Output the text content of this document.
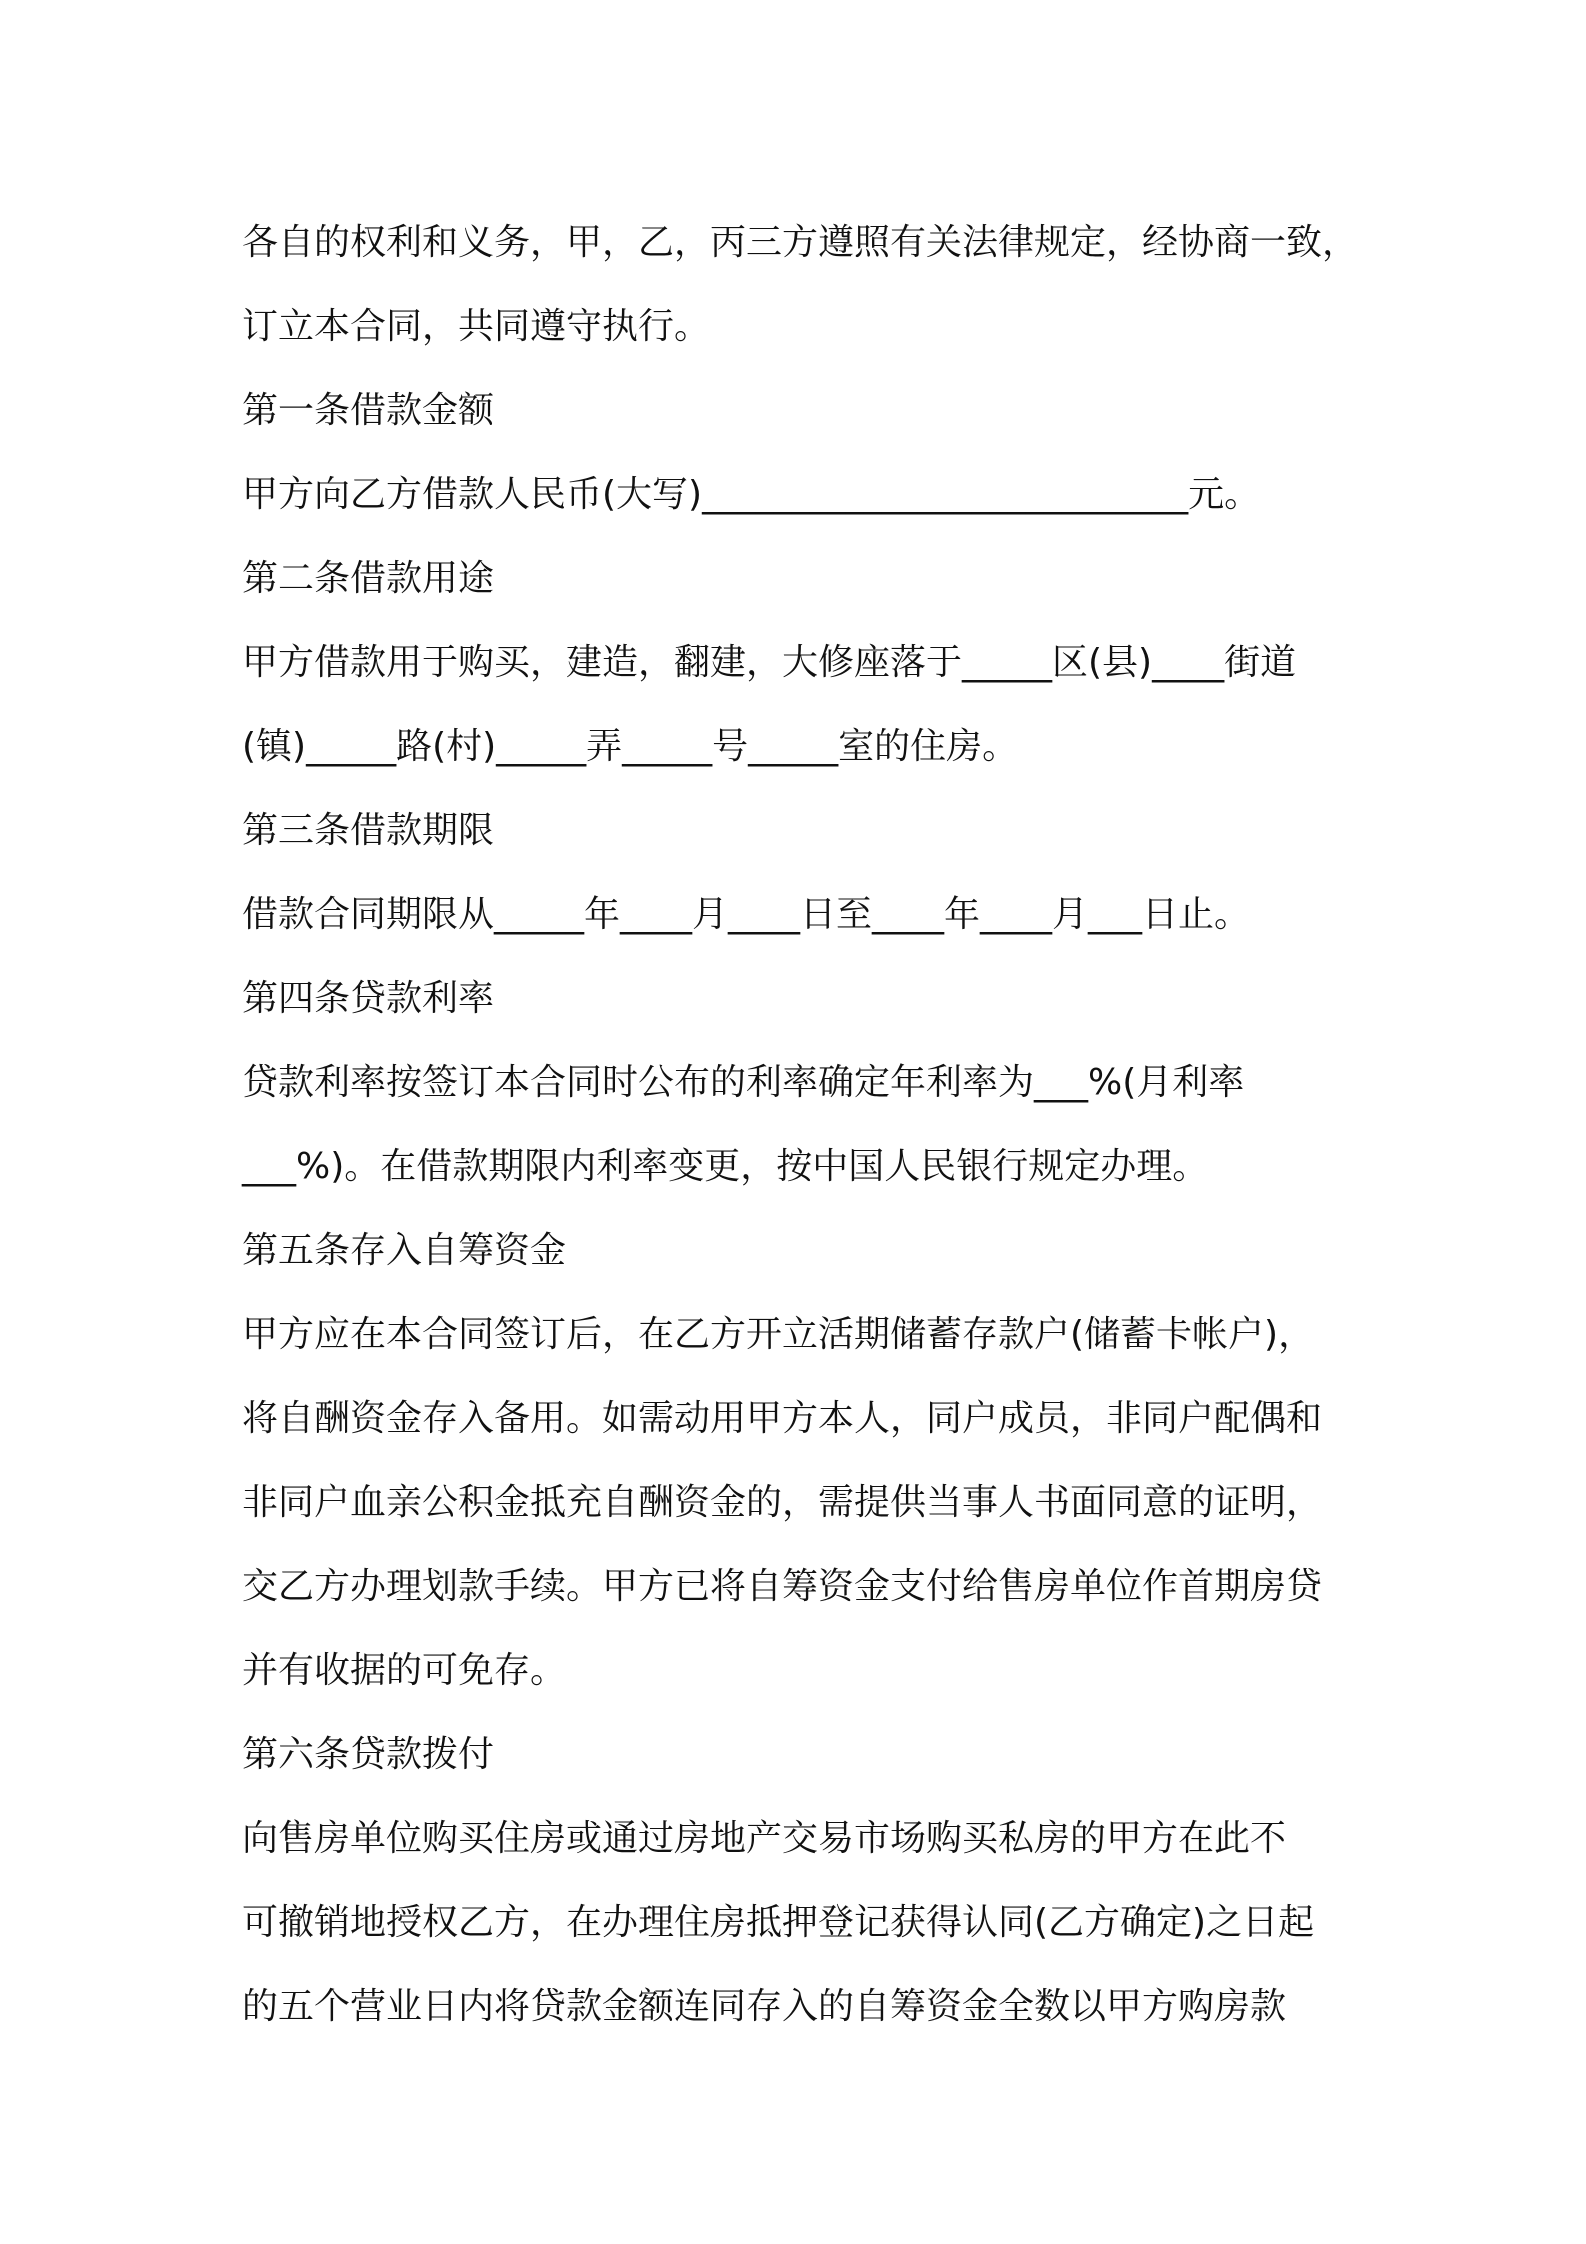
各自的权利和义务，甲，乙，丙三方遵照有关法律规定，经协商一致，
订立本合同，共同遵守执行。
第一条借款金额
甲方向乙方借款人民币(大写)___________________________元。
第二条借款用途
甲方借款用于购买，建造，翻建，大修座落于_____区(县)____街道
(镇)_____路(村)_____弄_____号_____室的住房。
第三条借款期限
借款合同期限从_____年____月____日至____年____月___日止。
第四条贷款利率
贷款利率按签订本合同时公布的利率确定年利率为___%(月利率
___%)。在借款期限内利率变更，按中国人民银行规定办理。
第五条存入自筹资金
甲方应在本合同签订后，在乙方开立活期储蓄存款户(储蓄卡帐户)，
将自酬资金存入备用。如需动用甲方本人，同户成员，非同户配偶和
非同户血亲公积金抵充自酬资金的，需提供当事人书面同意的证明，
交乙方办理划款手续。甲方已将自筹资金支付给售房单位作首期房贷
并有收据的可免存。
第六条贷款拨付
向售房单位购买住房或通过房地产交易市场购买私房的甲方在此不
可撤销地授权乙方，在办理住房抵押登记获得认同(乙方确定)之日起
的五个营业日内将贷款金额连同存入的自筹资金全数以甲方购房款
